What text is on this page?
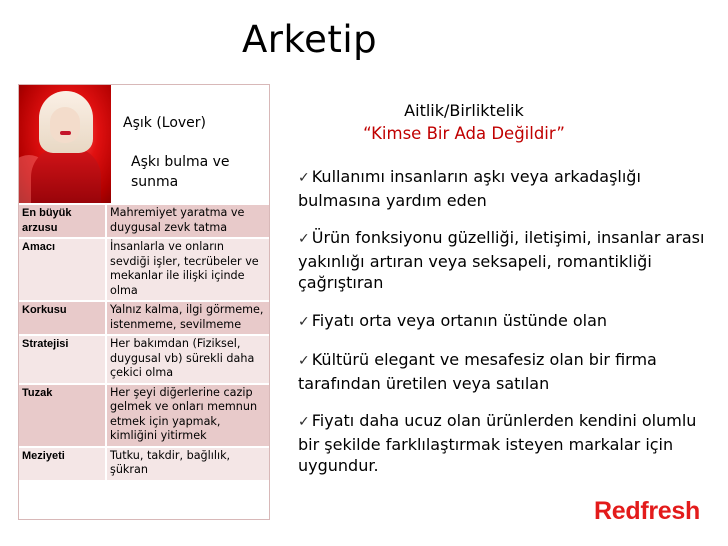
Arketip
Aşık (Lover)
Aşkı bulma ve
sunma
En büyük arzusu	Mahremiyet yaratma ve duygusal zevk tatma
Amacı	İnsanlarla ve onların sevdiği işler, tecrübeler ve mekanlar ile ilişki içinde olma
Korkusu	Yalnız kalma, ilgi görmeme, istenmeme, sevilmeme
Stratejisi	Her bakımdan (Fiziksel, duygusal vb) sürekli daha çekici olma
Tuzak	Her şeyi diğerlerine cazip gelmek ve onları memnun etmek için yapmak, kimliğini yitirmek
Meziyeti	Tutku, takdir, bağlılık, şükran
Aitlik/Birliktelik
“Kimse Bir Ada Değildir”
✓ Kullanımı insanların aşkı veya arkadaşlığı bulmasına yardım eden
✓ Ürün fonksiyonu güzelliği, iletişimi, insanlar arası yakınlığı artıran veya seksapeli, romantikliği çağrıştıran
✓ Fiyatı orta veya ortanın üstünde olan
✓ Kültürü elegant ve mesafesiz olan bir firma tarafından üretilen veya satılan
✓ Fiyatı daha ucuz olan ürünlerden kendini olumlu bir şekilde farklılaştırmak isteyen markalar için uygundur.
Redfresh
